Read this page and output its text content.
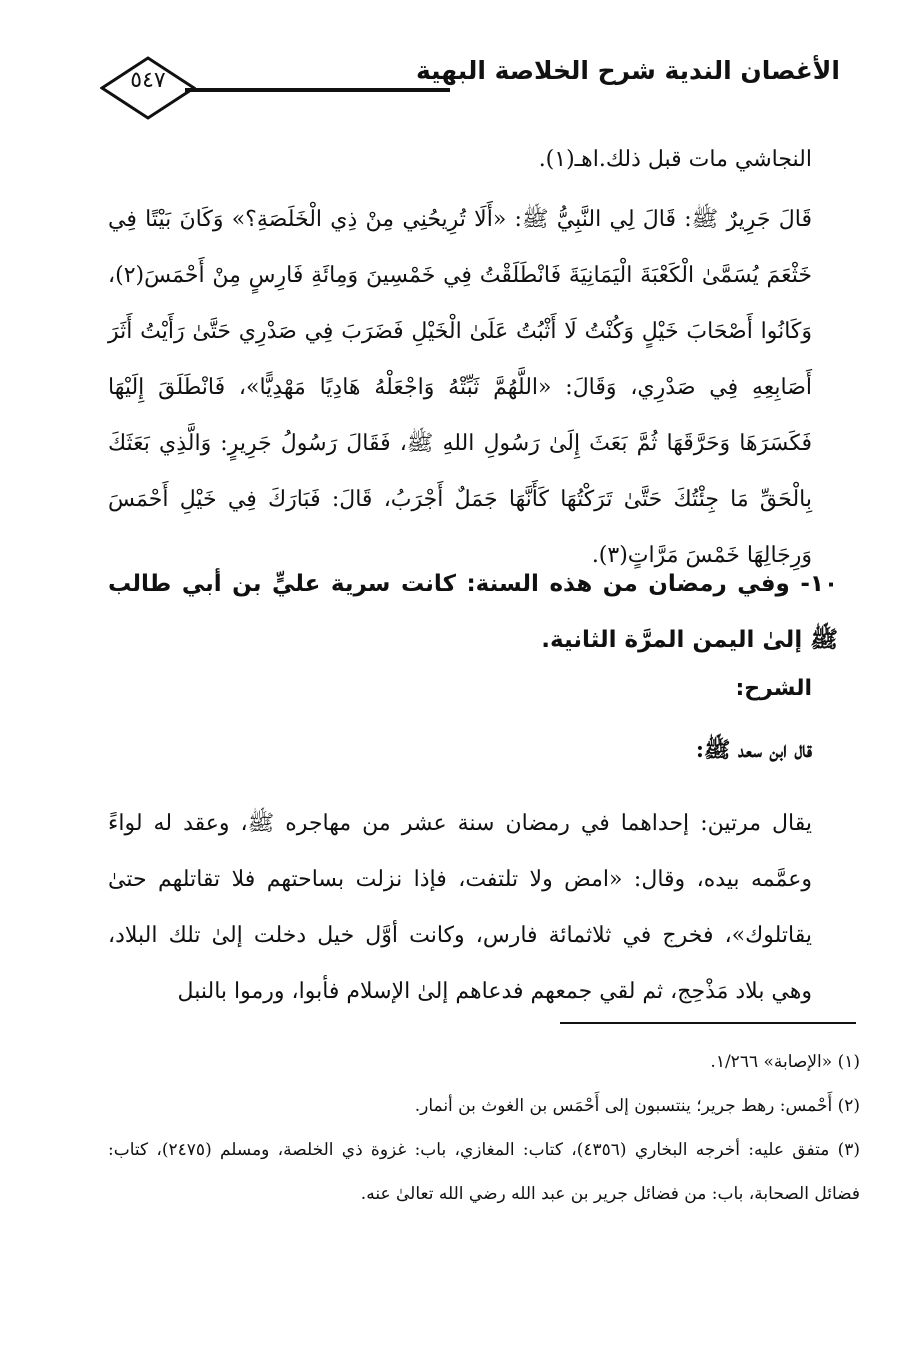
الأغصان الندية شرح الخلاصة البهية
٥٤٧
النجاشي مات قبل ذلك.اهـ(١).
قَالَ جَرِيرٌ ﷺ: قَالَ لِي النَّبِيُّ ﷺ: «أَلَا تُرِيحُنِي مِنْ ذِي الْخَلَصَةِ؟» وَكَانَ بَيْتًا فِي خَثْعَمَ يُسَمَّىٰ الْكَعْبَةَ الْيَمَانِيَةَ فَانْطَلَقْتُ فِي خَمْسِينَ وَمِائَةِ فَارِسٍ مِنْ أَحْمَسَ(٢)، وَكَانُوا أَصْحَابَ خَيْلٍ وَكُنْتُ لَا أَثْبُتُ عَلَىٰ الْخَيْلِ فَضَرَبَ فِي صَدْرِي حَتَّىٰ رَأَيْتُ أَثَرَ أَصَابِعِهِ فِي صَدْرِي، وَقَالَ: «اللَّهُمَّ ثَبِّتْهُ وَاجْعَلْهُ هَادِيًا مَهْدِيًّا»، فَانْطَلَقَ إِلَيْهَا فَكَسَرَهَا وَحَرَّقَهَا ثُمَّ بَعَثَ إِلَىٰ رَسُولِ اللهِ ﷺ، فَقَالَ رَسُولُ جَرِيرٍ: وَالَّذِي بَعَثَكَ بِالْحَقِّ مَا جِئْتُكَ حَتَّىٰ تَرَكْتُهَا كَأَنَّهَا جَمَلٌ أَجْرَبُ، قَالَ: فَبَارَكَ فِي خَيْلِ أَحْمَسَ وَرِجَالِهَا خَمْسَ مَرَّاتٍ(٣).
١٠- وفي رمضان من هذه السنة: كانت سرية عليٍّ بن أبي طالب ﷺ إلىٰ اليمن المرَّة الثانية.
الشرح:
قال ابن سعد ﷺ:
يقال مرتين: إحداهما في رمضان سنة عشر من مهاجره ﷺ، وعقد له لواءً وعمَّمه بيده، وقال: «امض ولا تلتفت، فإذا نزلت بساحتهم فلا تقاتلهم حتىٰ يقاتلوك»، فخرج في ثلاثمائة فارس، وكانت أوَّل خيل دخلت إلىٰ تلك البلاد، وهي بلاد مَذْحِج، ثم لقي جمعهم فدعاهم إلىٰ الإسلام فأبوا، ورموا بالنبل

(١) «الإصابة» ١/٢٦٦.

(٢) أَحْمس: رهط جرير؛ ينتسبون إلى أَحْمَس بن الغوث بن أنمار.

(٣) متفق عليه: أخرجه البخاري (٤٣٥٦)، كتاب: المغازي، باب: غزوة ذي الخلصة، ومسلم (٢٤٧٥)، كتاب: فضائل الصحابة، باب: من فضائل جرير بن عبد الله رضي الله تعالىٰ عنه.
